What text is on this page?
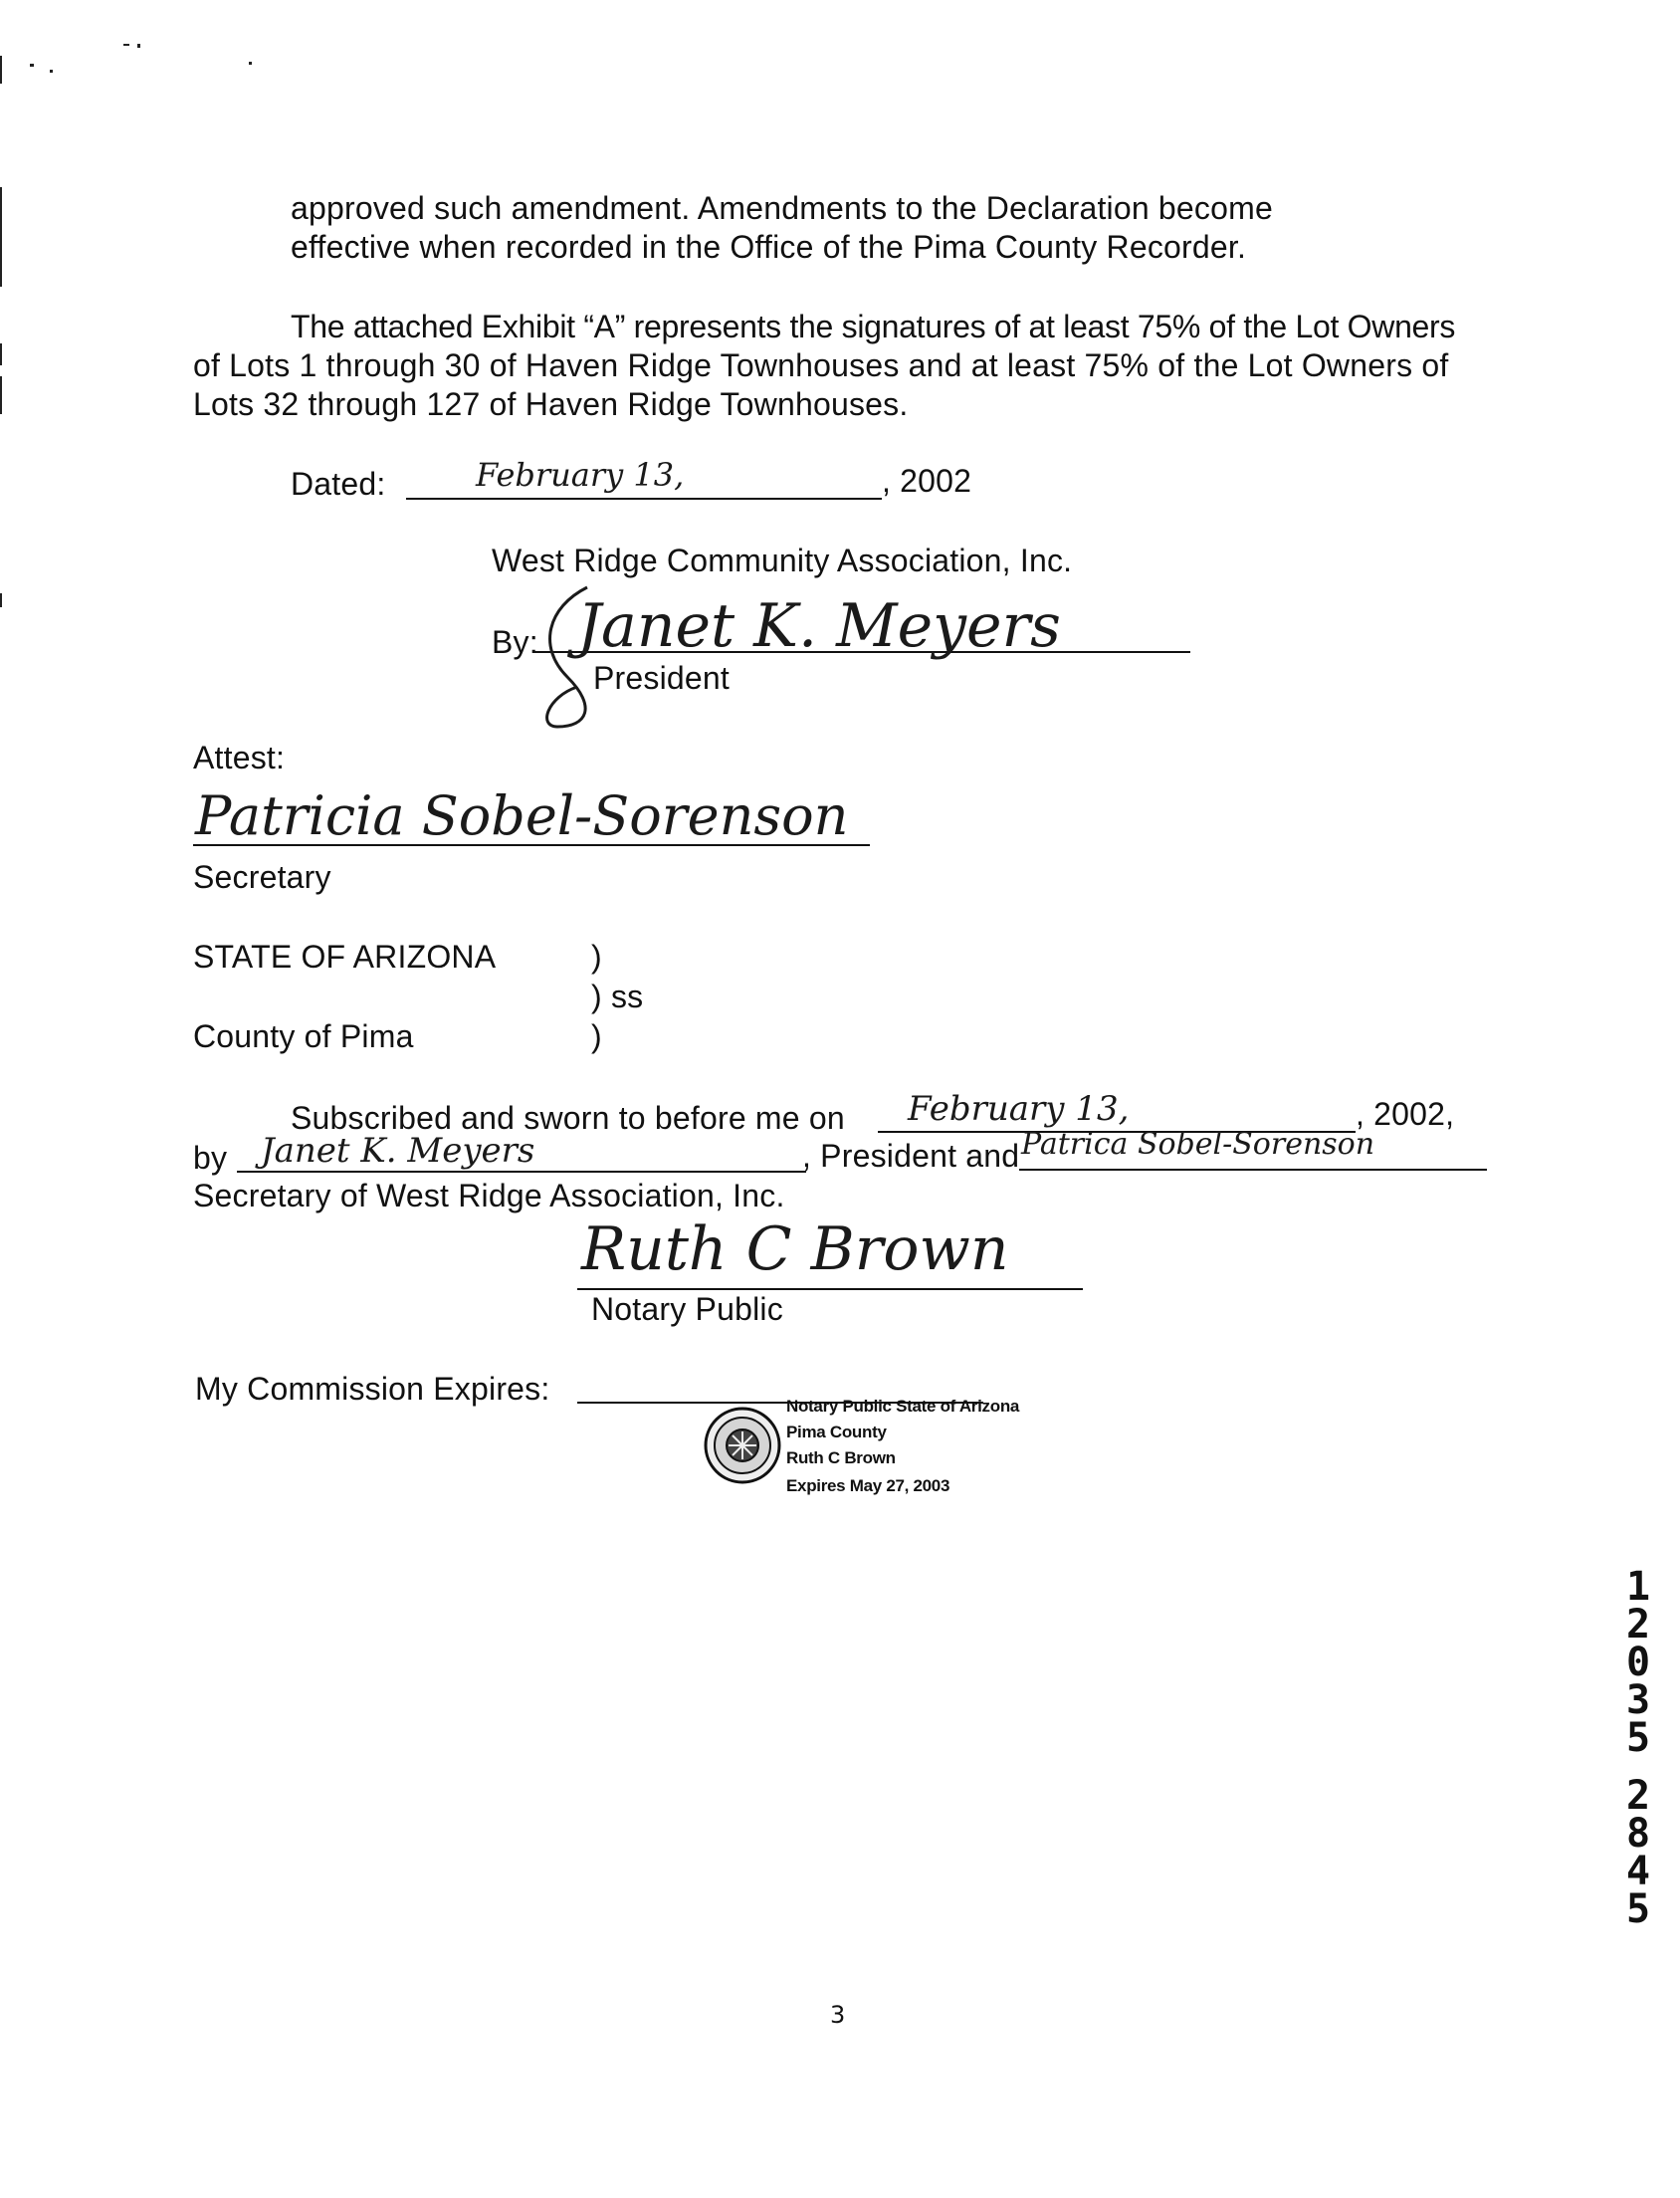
approved such amendment. Amendments to the Declaration become
effective when recorded in the Office of the Pima County Recorder.
The attached Exhibit “A” represents the signatures of at least 75% of the Lot Owners
of Lots 1 through 30 of Haven Ridge Townhouses and at least 75% of the Lot Owners of
Lots 32 through 127 of Haven Ridge Townhouses.
Dated:	February 13,	, 2002
West Ridge Community Association, Inc.
By: Janet K. Meyers
President
Attest:
Patricia Sobel-Sorenson
Secretary
STATE OF ARIZONA	)
) ss
County of Pima	)
Subscribed and sworn to before me on February 13,	, 2002,
by Janet K. Meyers	, President and Patrica Sobel-Sorenson
Secretary of West Ridge Association, Inc.
Ruth C Brown
Notary Public
My Commission Expires:	Notary Public State of Arizona
Pima County
Ruth C Brown
Expires May 27, 2003
1
2
0
3
5
2
8
4
5
3
